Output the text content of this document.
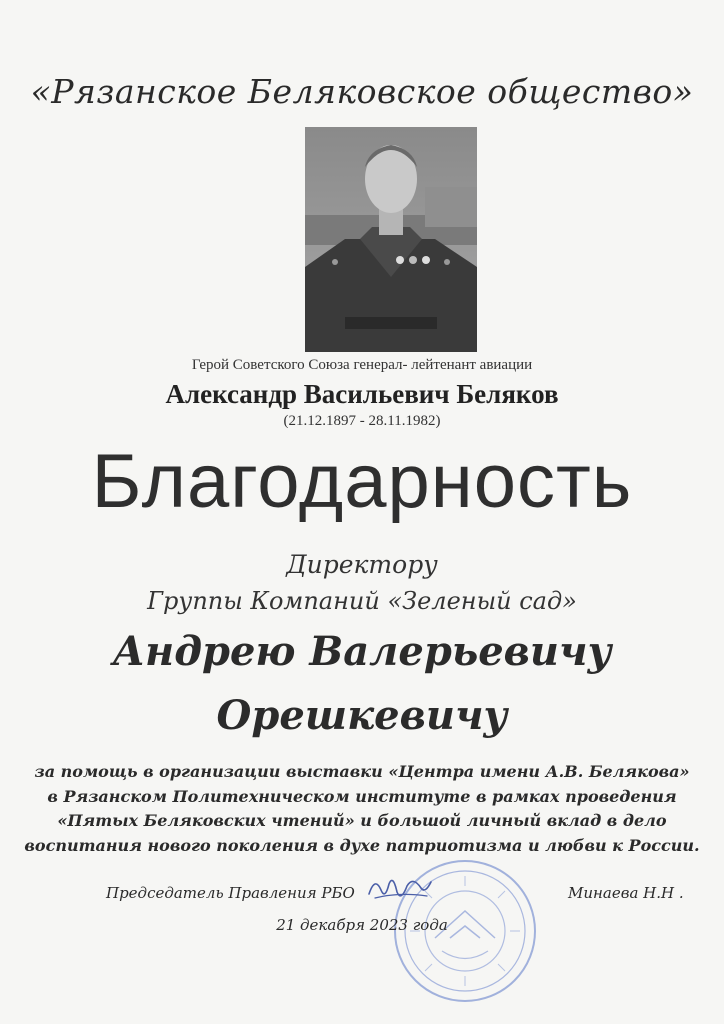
«Рязанское Беляковское общество»
Герой Советского Союза генерал- лейтенант авиации
Александр Васильевич Беляков
(21.12.1897 - 28.11.1982)
Благодарность
Директору
Группы Компаний «Зеленый сад»
Андрею Валерьевичу
Орешкевичу
за помощь в организации выставки «Центра имени А.В. Белякова»
в Рязанском Политехническом институте в рамках проведения
«Пятых Беляковских чтений» и большой личный вклад в дело
воспитания нового поколения в духе патриотизма и любви к России.
Председатель Правления РБО	Минаева Н.Н .
21 декабря 2023 года
